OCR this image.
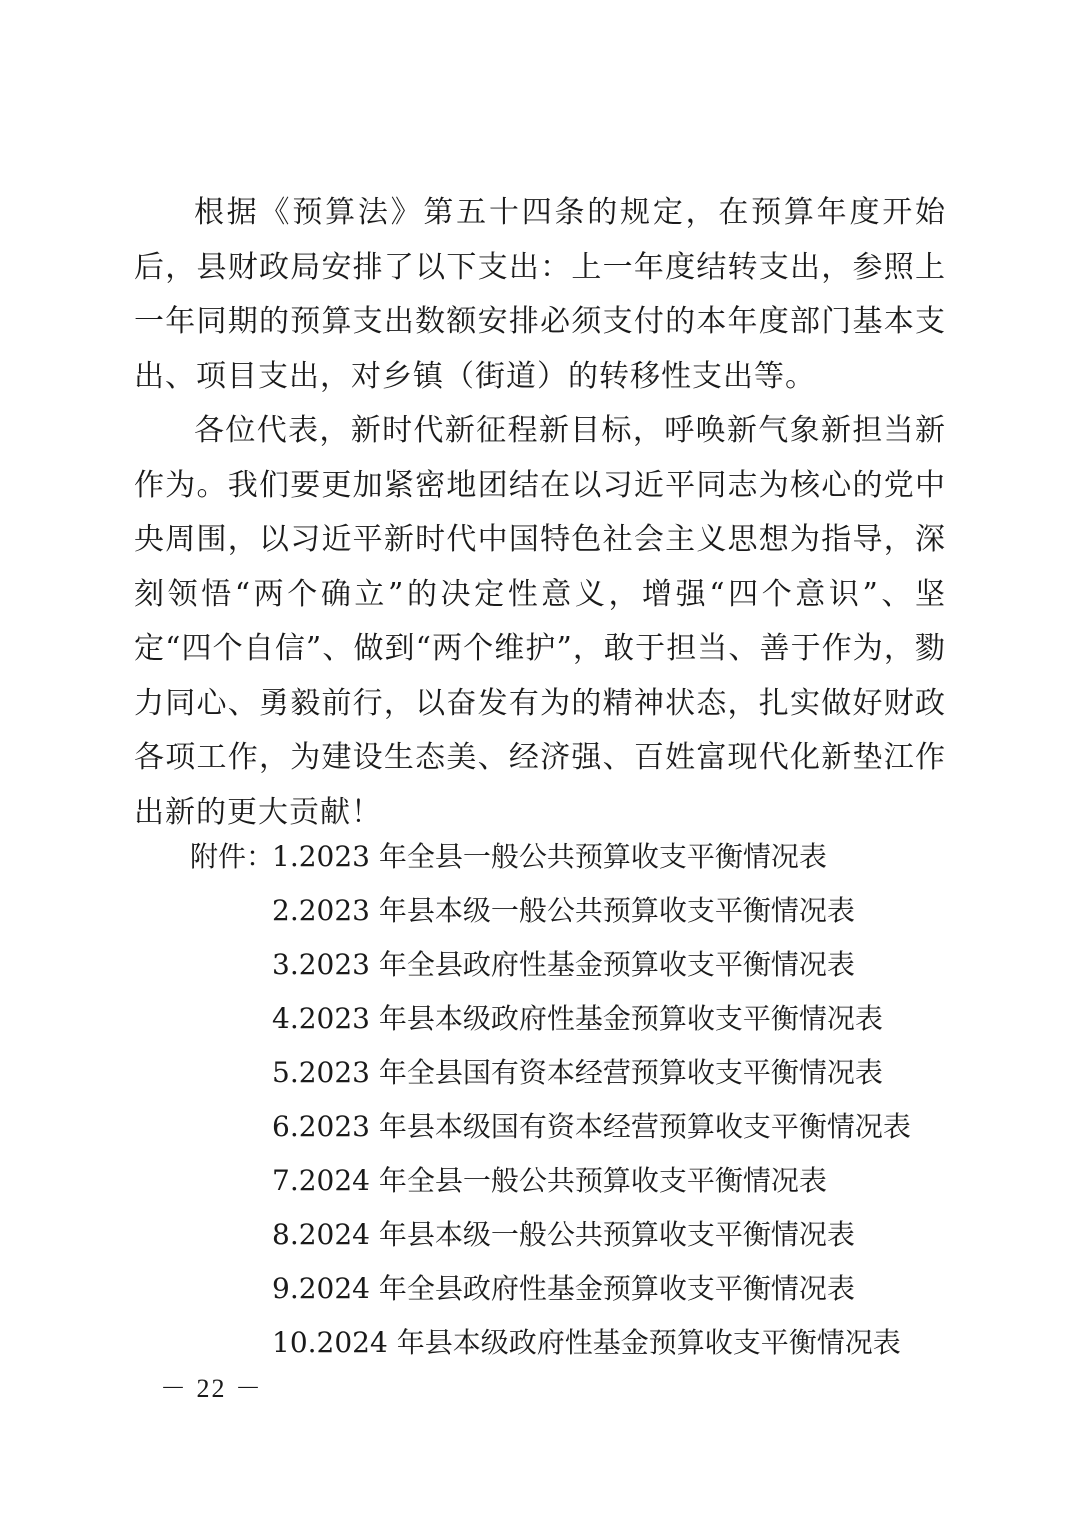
根据《预算法》第五十四条的规定，在预算年度开始后，县财政局安排了以下支出：上一年度结转支出，参照上一年同期的预算支出数额安排必须支付的本年度部门基本支出、项目支出，对乡镇（街道）的转移性支出等。

各位代表，新时代新征程新目标，呼唤新气象新担当新作为。我们要更加紧密地团结在以习近平同志为核心的党中央周围，以习近平新时代中国特色社会主义思想为指导，深刻领悟“两个确立”的决定性意义，增强“四个意识”、坚定“四个自信”、做到“两个维护”，敢于担当、善于作为，勠力同心、勇毅前行，以奋发有为的精神状态，扎实做好财政各项工作，为建设生态美、经济强、百姓富现代化新垫江作出新的更大贡献！

附件：
1.2023 年全县一般公共预算收支平衡情况表
2.2023 年县本级一般公共预算收支平衡情况表
3.2023 年全县政府性基金预算收支平衡情况表
4.2023 年县本级政府性基金预算收支平衡情况表
5.2023 年全县国有资本经营预算收支平衡情况表
6.2023 年县本级国有资本经营预算收支平衡情况表
7.2024 年全县一般公共预算收支平衡情况表
8.2024 年县本级一般公共预算收支平衡情况表
9.2024 年全县政府性基金预算收支平衡情况表
10.2024 年县本级政府性基金预算收支平衡情况表
－ 22 －
